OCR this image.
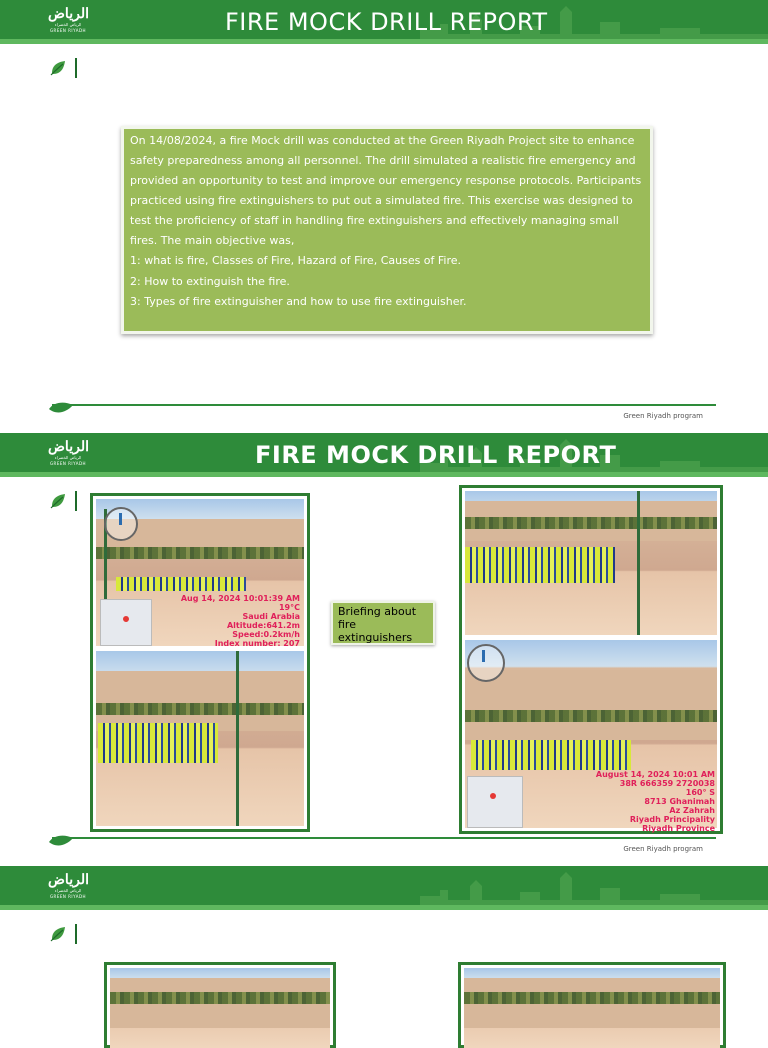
الرياض
الرياض الخضراء
GREEN RIYADH	FIRE MOCK DRILL REPORT

On 14/08/2024, a fire Mock drill was conducted at the Green Riyadh Project site to enhance safety preparedness among all personnel. The drill simulated a realistic fire emergency and provided an opportunity to test and improve our emergency response protocols. Participants practiced using fire extinguishers to put out a simulated fire. This exercise was designed to test the proficiency of staff in handling fire extinguishers and effectively managing small fires. The main objective was,

1: what is fire, Classes of Fire, Hazard of Fire, Causes of Fire.
2: How to extinguish the fire.
3: Types of fire extinguisher and how to use fire extinguisher.
Green Riyadh program
الرياض
الرياض الخضراء
GREEN RIYADH	FIRE MOCK DRILL REPORT
Aug 14, 2024 10:01:39 AM
19°C
Saudi Arabia
Altitude:641.2m
Speed:0.2km/h
Index number: 207
Briefing about fire extinguishers
August 14, 2024 10:01 AM
38R 666359 2720038
160° S
8713 Ghanimah
Az Zahrah
Riyadh Principality
Riyadh Province
Green Riyadh program
الرياض
الرياض الخضراء
GREEN RIYADH
